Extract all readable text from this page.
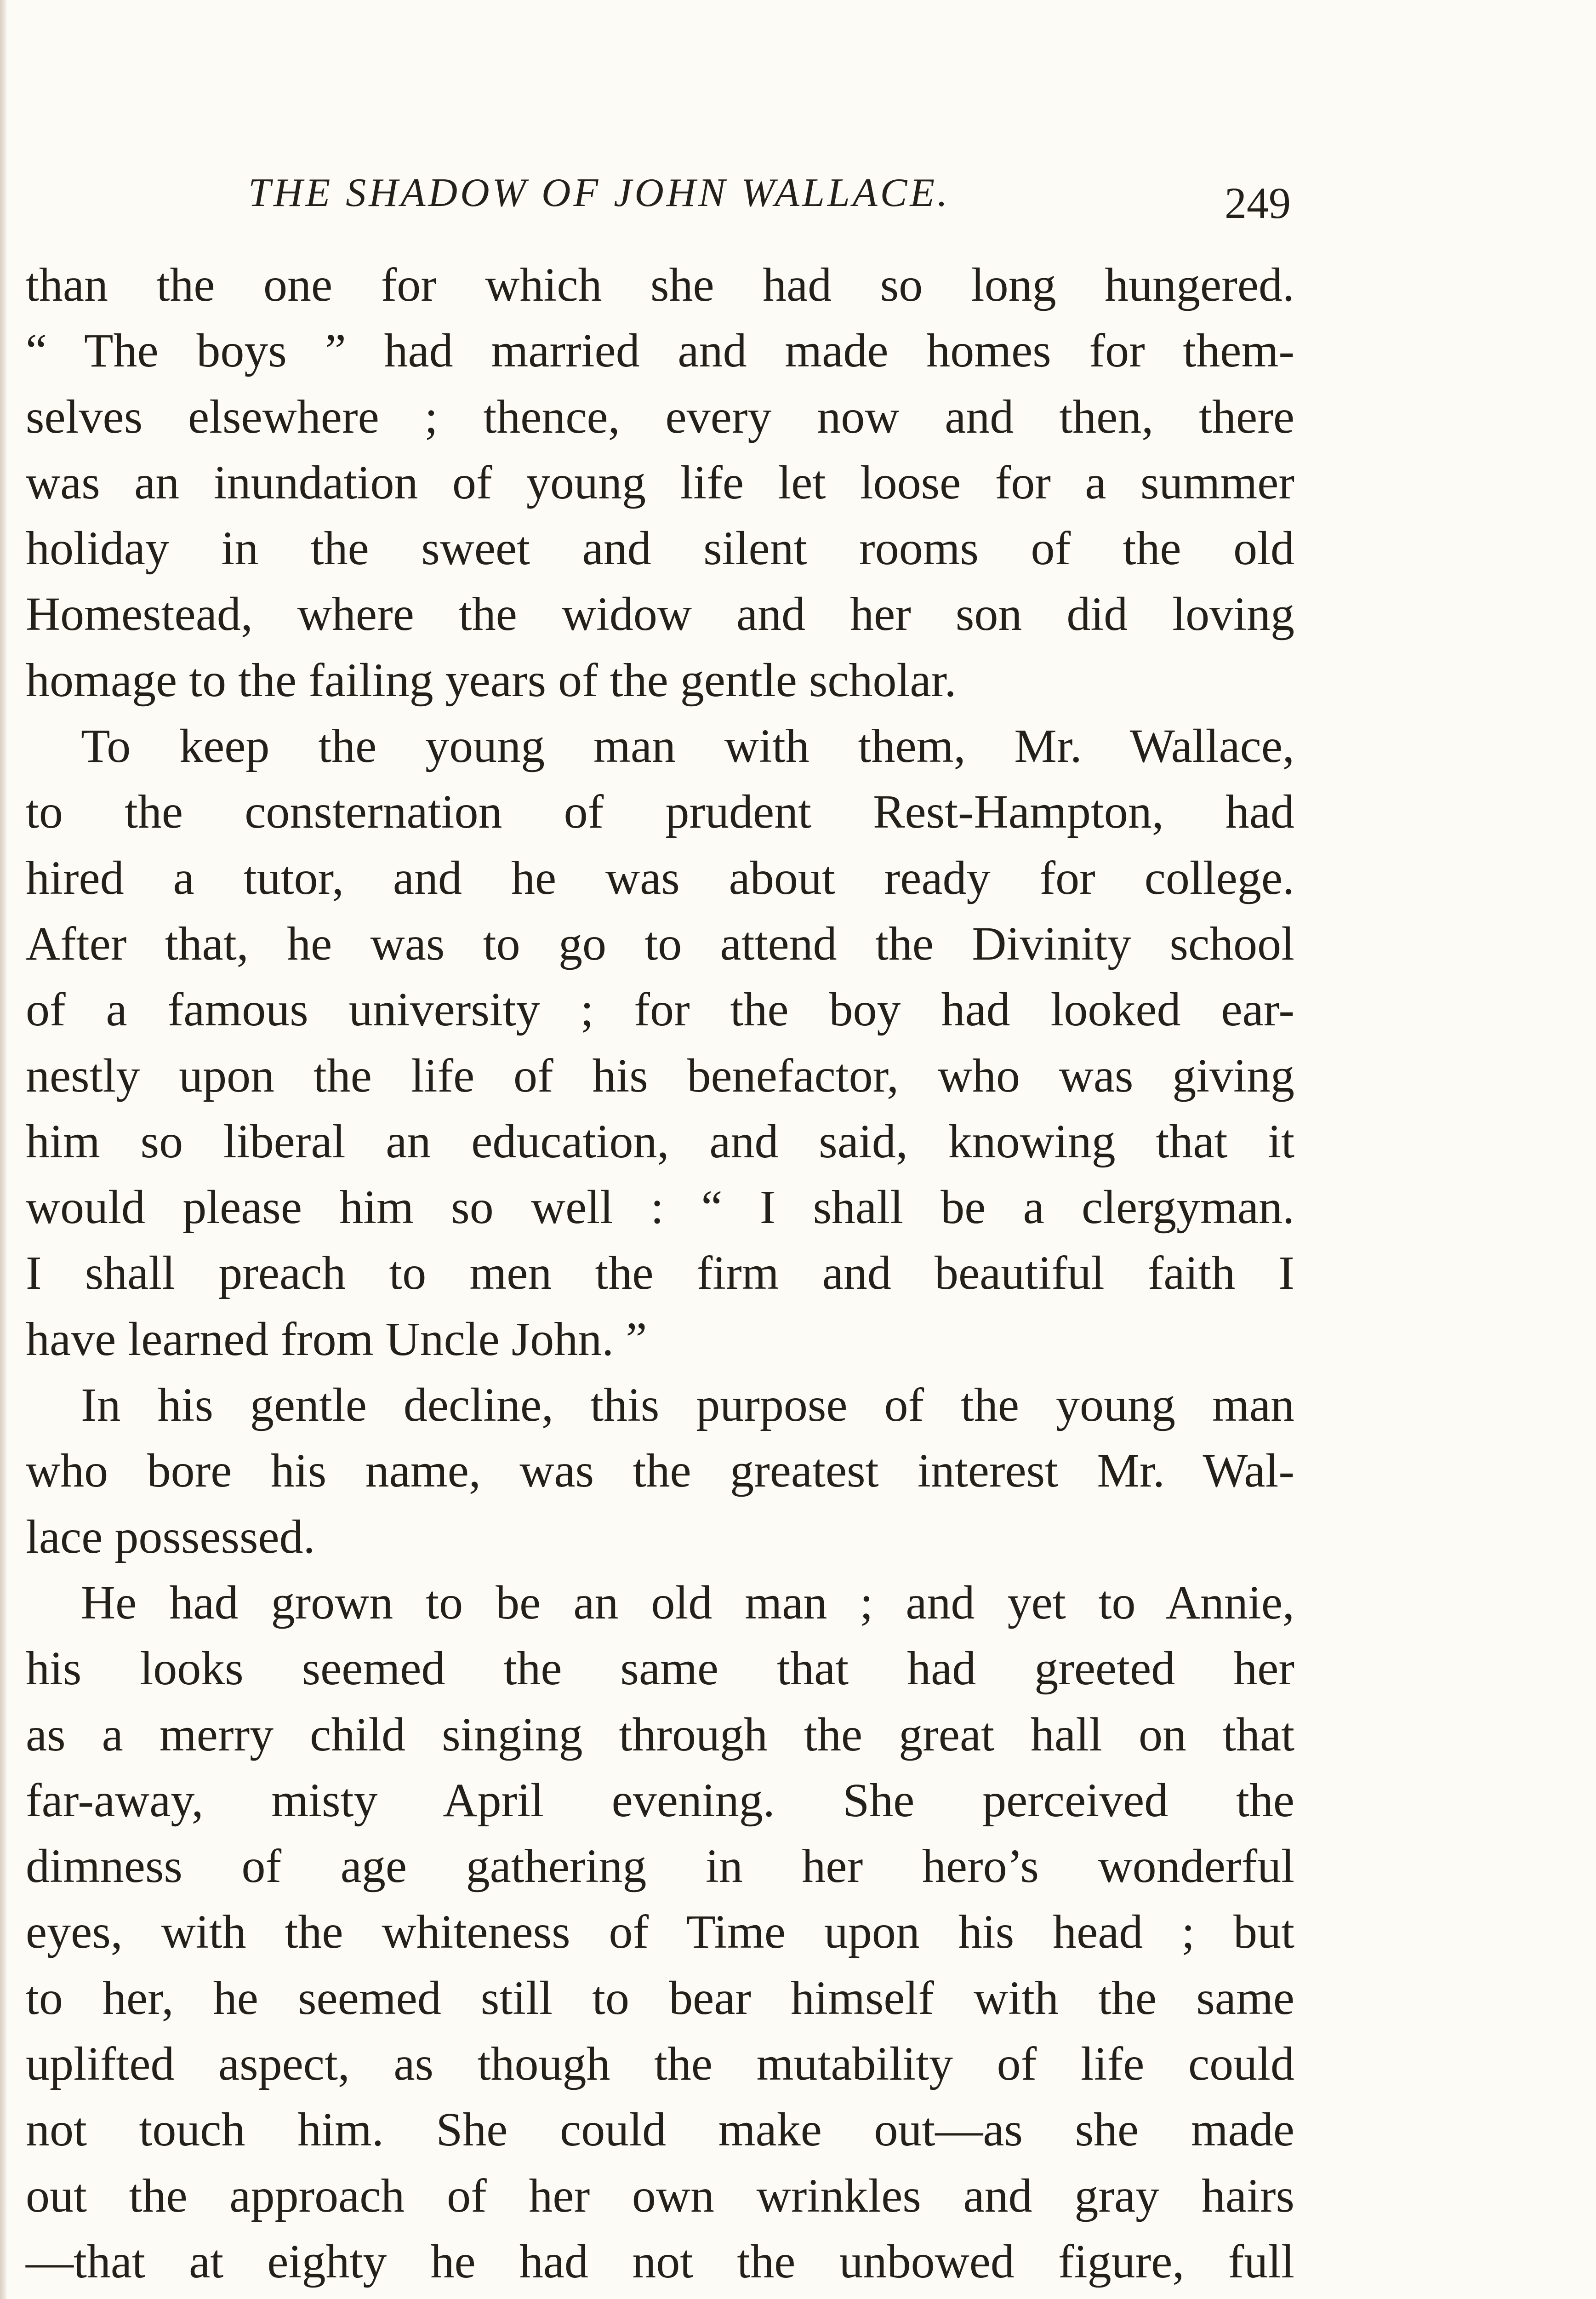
THE SHADOW OF JOHN WALLACE.	249
than the one for which she had so long hungered.
“ The boys ” had married and made homes for them-
selves elsewhere ; thence, every now and then, there
was an inundation of young life let loose for a summer
holiday in the sweet and silent rooms of the old
Homestead, where the widow and her son did loving
homage to the failing years of the gentle scholar.
To keep the young man with them, Mr. Wallace,
to the consternation of prudent Rest-Hampton, had
hired a tutor, and he was about ready for college.
After that, he was to go to attend the Divinity school
of a famous university ; for the boy had looked ear-
nestly upon the life of his benefactor, who was giving
him so liberal an education, and said, knowing that it
would please him so well : “ I shall be a clergyman.
I shall preach to men the firm and beautiful faith I
have learned from Uncle John. ”
In his gentle decline, this purpose of the young man
who bore his name, was the greatest interest Mr. Wal-
lace possessed.
He had grown to be an old man ; and yet to Annie,
his looks seemed the same that had greeted her
as a merry child singing through the great hall on that
far-away, misty April evening. She perceived the
dimness of age gathering in her hero’s wonderful
eyes, with the whiteness of Time upon his head ; but
to her, he seemed still to bear himself with the same
uplifted aspect, as though the mutability of life could
not touch him. She could make out—as she made
out the approach of her own wrinkles and gray hairs
—that at eighty he had not the unbowed figure, full
